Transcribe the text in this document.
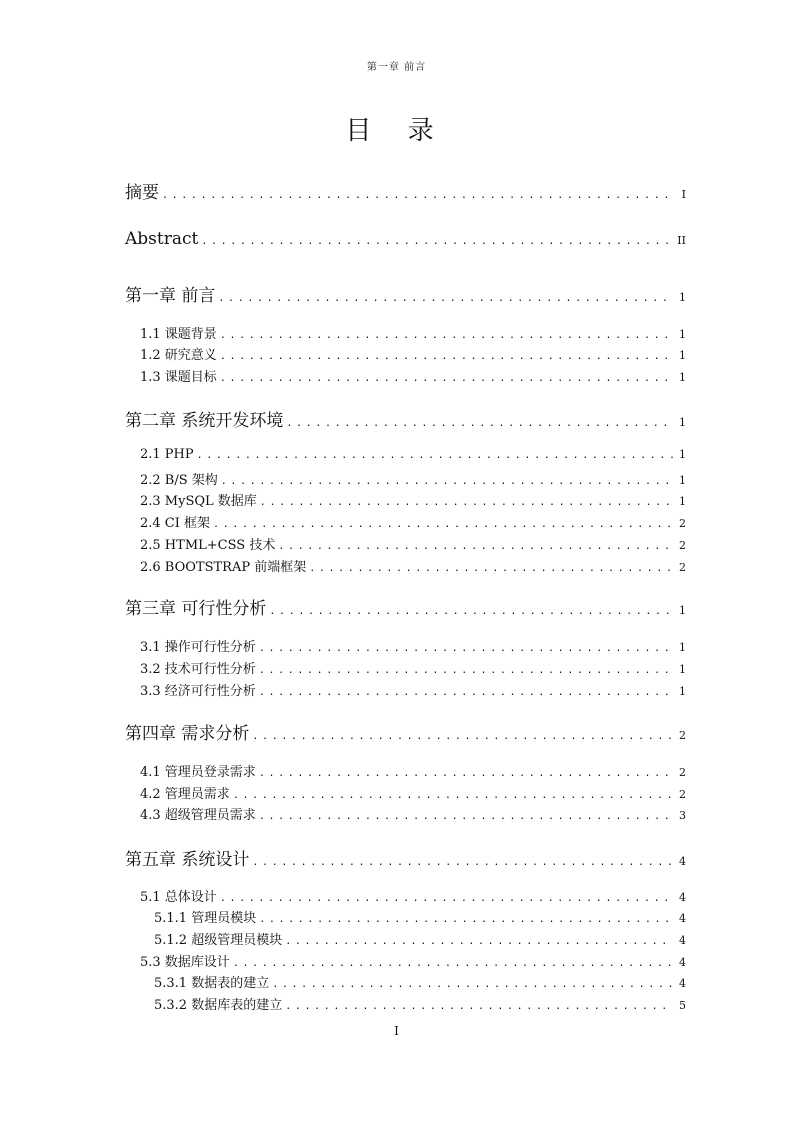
第一章 前言
目 录
摘要 . . .	I
Abstract . . .	II
第一章 前言 . . .	1
1.1 课题背景 . . .	1
1.2 研究意义 . . .	1
1.3 课题目标 . . .	1
第二章 系统开发环境 . . .	1
2.1 PHP . . .	1
2.2 B/S 架构 . . .	1
2.3 MySQL 数据库 . . .	1
2.4 CI 框架 . . .	2
2.5 HTML+CSS 技术 . . .	2
2.6 BOOTSTRAP 前端框架 . . .	2
第三章 可行性分析 . . .	1
3.1 操作可行性分析 . . .	1
3.2 技术可行性分析 . . .	1
3.3 经济可行性分析 . . .	1
第四章 需求分析 . . .	2
4.1 管理员登录需求 . . .	2
4.2 管理员需求 . . .	2
4.3 超级管理员需求 . . .	3
第五章 系统设计 . . .	4
5.1 总体设计 . . .	4
5.1.1 管理员模块 . . .	4
5.1.2 超级管理员模块 . . .	4
5.3 数据库设计 . . .	4
5.3.1 数据表的建立 . . .	4
5.3.2 数据库表的建立 . . .	5
I
